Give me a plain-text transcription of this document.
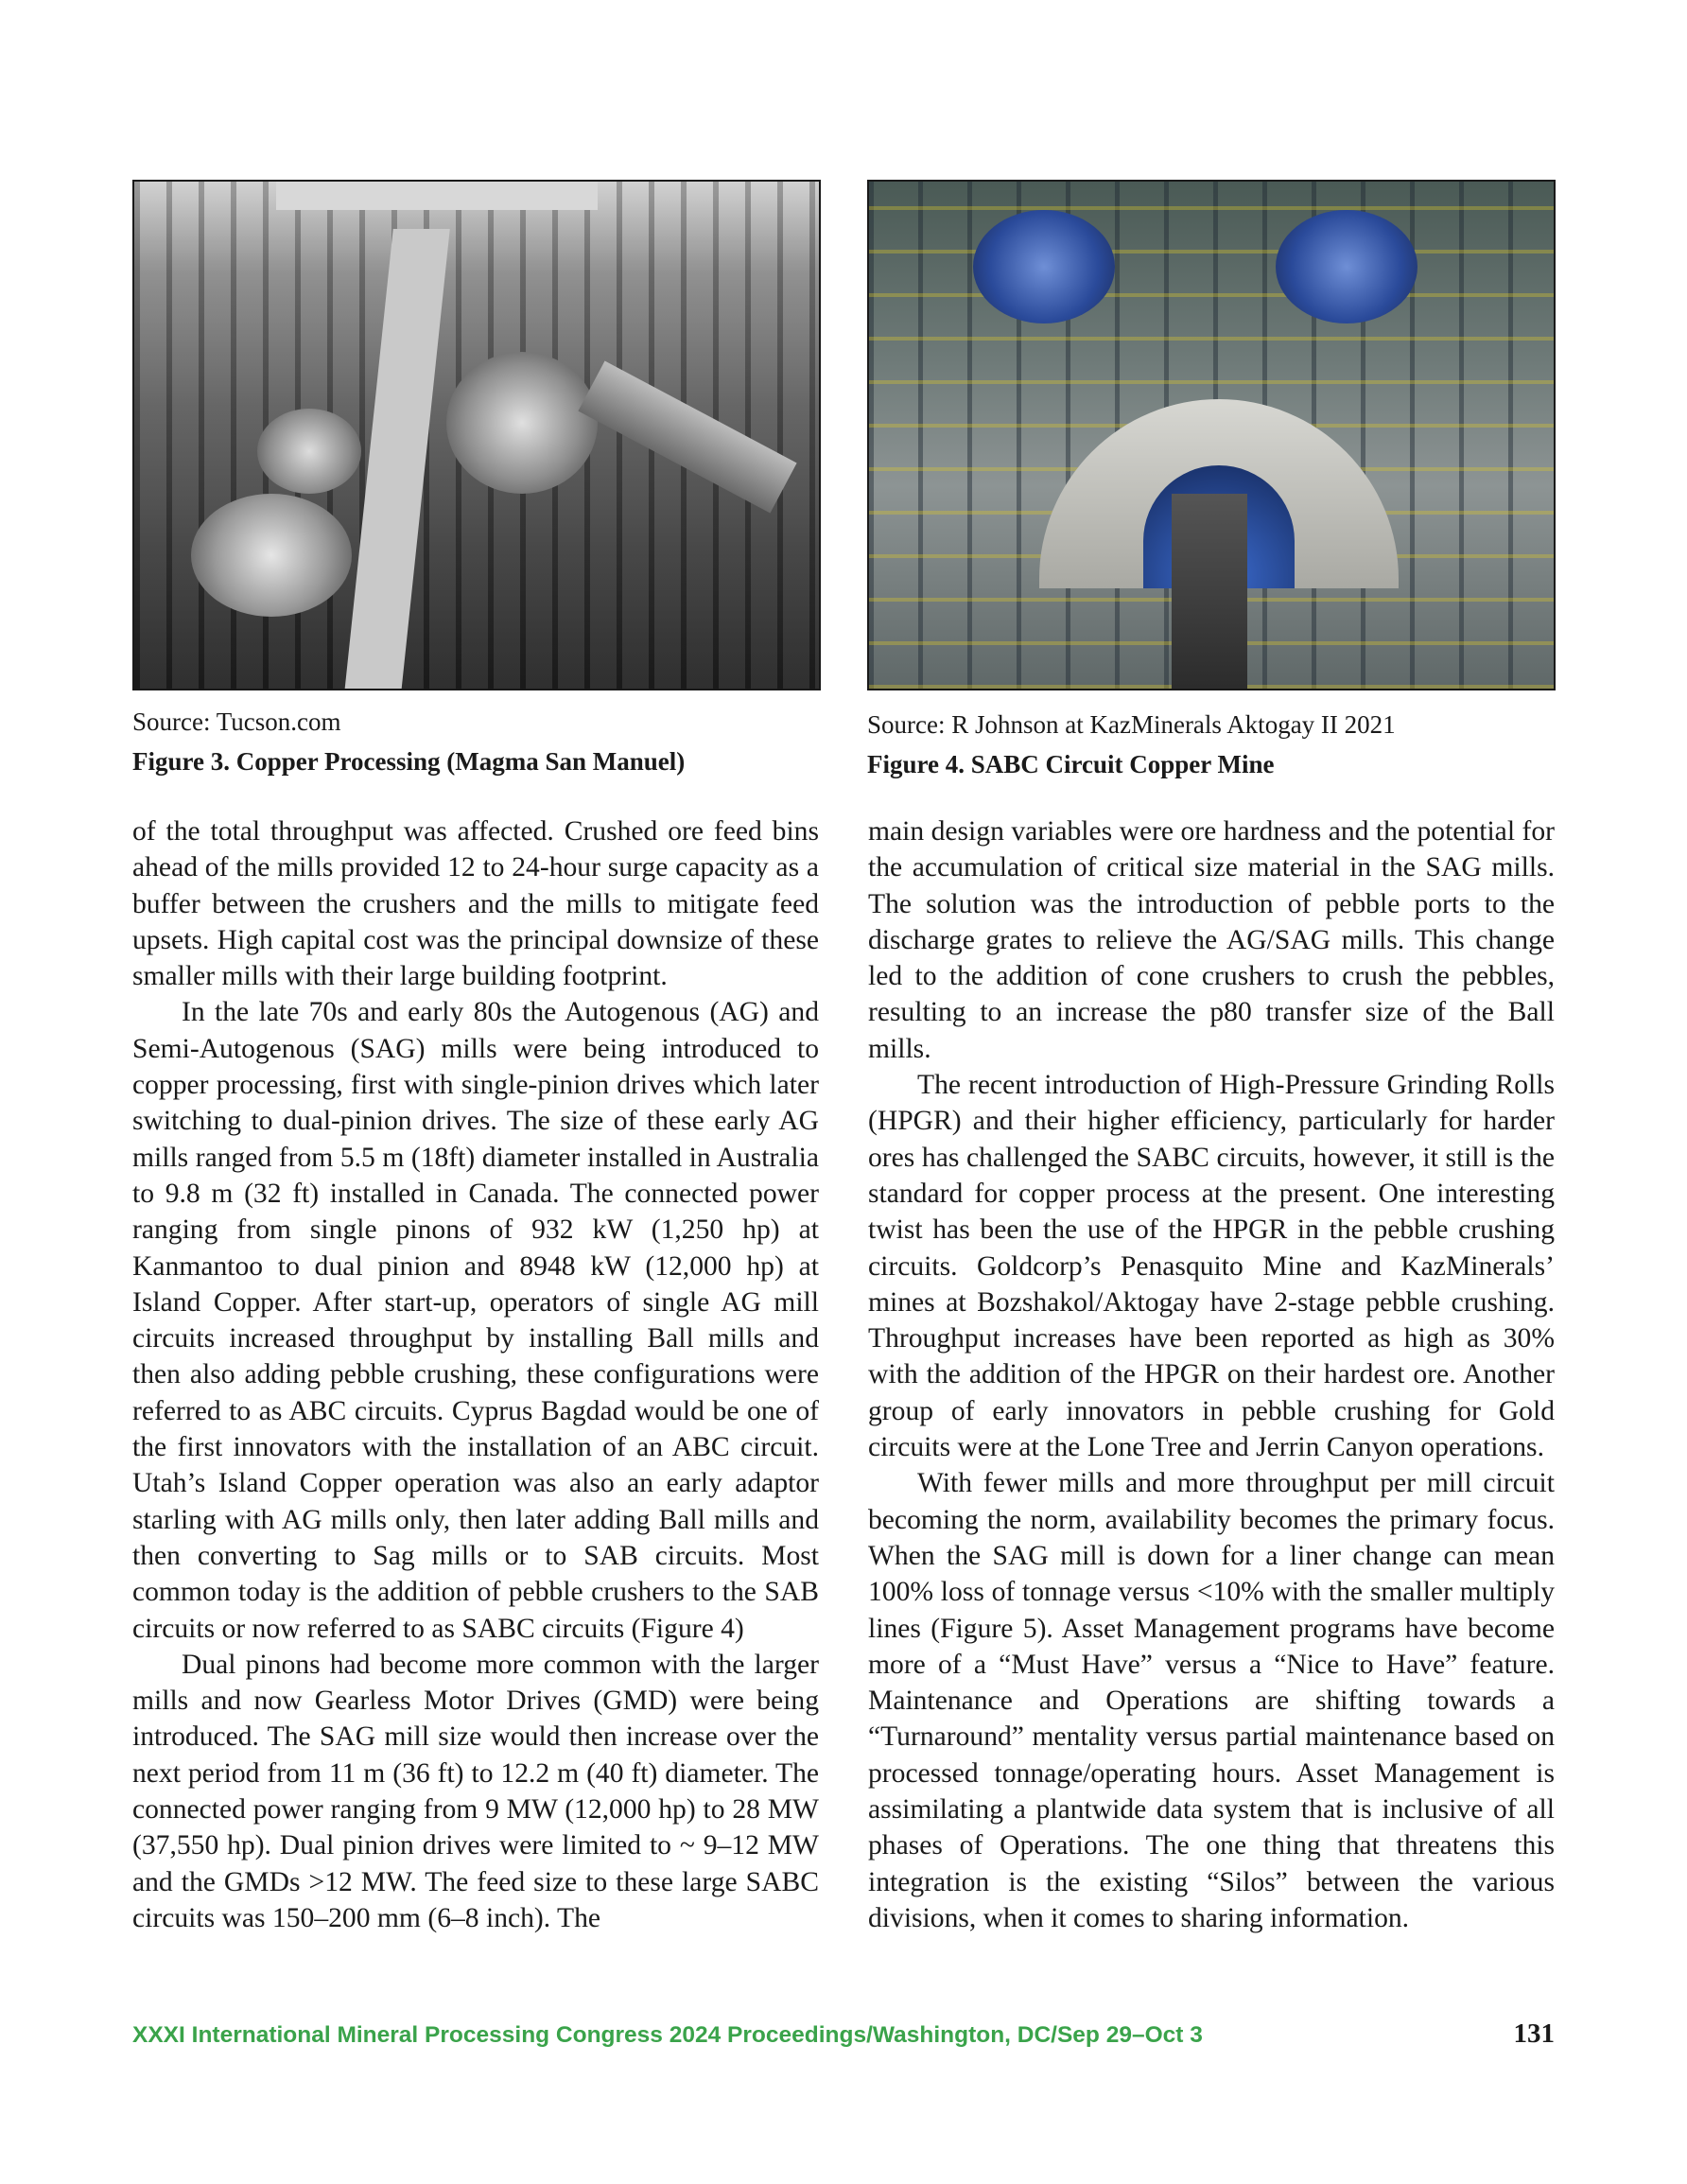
Source: Tucson.com
Figure 3. Copper Processing (Magma San Manuel)
Source: R Johnson at KazMinerals Aktogay II 2021
Figure 4. SABC Circuit Copper Mine

of the total throughput was affected. Crushed ore feed bins ahead of the mills provided 12 to 24-hour surge capacity as a buffer between the crushers and the mills to mitigate feed upsets. High capital cost was the principal downsize of these smaller mills with their large building footprint.

In the late 70s and early 80s the Autogenous (AG) and Semi-Autogenous (SAG) mills were being introduced to copper processing, first with single-pinion drives which later switching to dual-pinion drives. The size of these early AG mills ranged from 5.5 m (18ft) diameter installed in Australia to 9.8 m (32 ft) installed in Canada. The connected power ranging from single pinons of 932 kW (1,250 hp) at Kanmantoo to dual pinion and 8948 kW (12,000 hp) at Island Copper. After start-up, operators of single AG mill circuits increased throughput by installing Ball mills and then also adding pebble crushing, these configurations were referred to as ABC circuits. Cyprus Bagdad would be one of the first innovators with the installation of an ABC circuit. Utah’s Island Copper operation was also an early adaptor starling with AG mills only, then later adding Ball mills and then converting to Sag mills or to SAB circuits. Most common today is the addition of pebble crushers to the SAB circuits or now referred to as SABC circuits (Figure 4)

Dual pinons had become more common with the larger mills and now Gearless Motor Drives (GMD) were being introduced. The SAG mill size would then increase over the next period from 11 m (36 ft) to 12.2 m (40 ft) diameter. The connected power ranging from 9 MW (12,000 hp) to 28 MW (37,550 hp). Dual pinion drives were limited to ~ 9–12 MW and the GMDs >12 MW. The feed size to these large SABC circuits was 150–200 mm (6–8 inch). The

main design variables were ore hardness and the potential for the accumulation of critical size material in the SAG mills. The solution was the introduction of pebble ports to the discharge grates to relieve the AG/SAG mills. This change led to the addition of cone crushers to crush the pebbles, resulting to an increase the p80 transfer size of the Ball mills.

The recent introduction of High-Pressure Grinding Rolls (HPGR) and their higher efficiency, particularly for harder ores has challenged the SABC circuits, however, it still is the standard for copper process at the present. One interesting twist has been the use of the HPGR in the pebble crushing circuits. Goldcorp’s Penasquito Mine and KazMinerals’ mines at Bozshakol/Aktogay have 2-stage pebble crushing. Throughput increases have been reported as high as 30% with the addition of the HPGR on their hardest ore. Another group of early innovators in pebble crushing for Gold circuits were at the Lone Tree and Jerrin Canyon operations.

With fewer mills and more throughput per mill circuit becoming the norm, availability becomes the primary focus. When the SAG mill is down for a liner change can mean 100% loss of tonnage versus <10% with the smaller multiply lines (Figure 5). Asset Management programs have become more of a “Must Have” versus a “Nice to Have” feature. Maintenance and Operations are shifting towards a “Turnaround” mentality versus partial maintenance based on processed tonnage/operating hours. Asset Management is assimilating a plantwide data system that is inclusive of all phases of Operations. The one thing that threatens this integration is the existing “Silos” between the various divisions, when it comes to sharing information.

XXXI International Mineral Processing Congress 2024 Proceedings/Washington, DC/Sep 29–Oct 3	131
